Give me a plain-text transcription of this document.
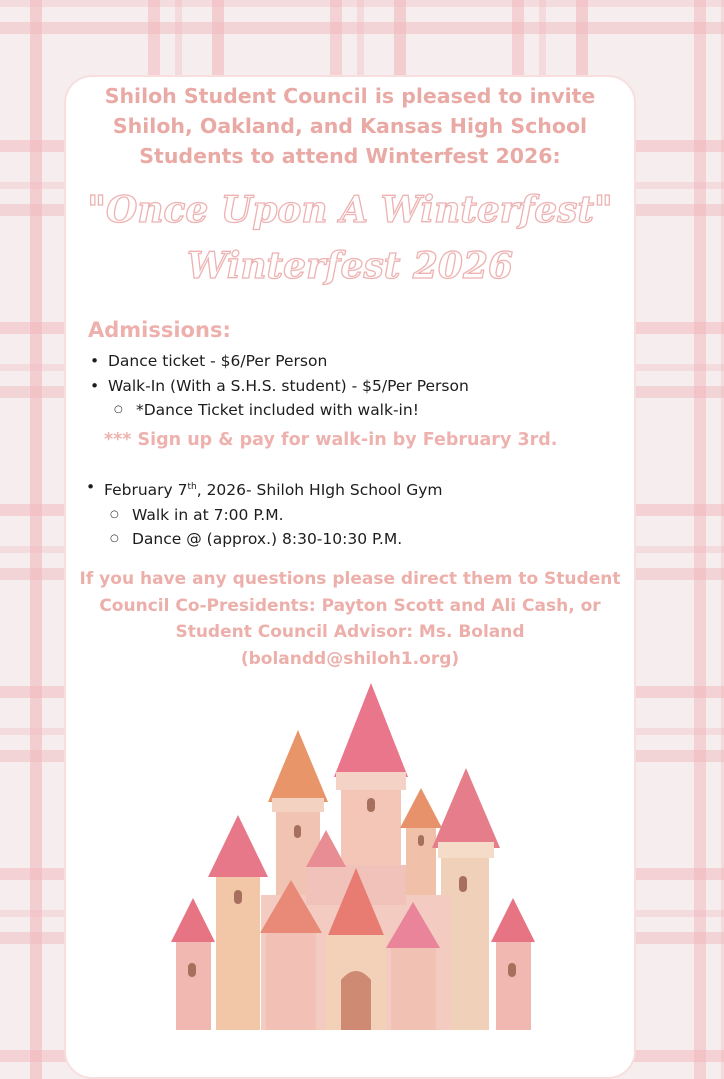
Shiloh Student Council is pleased to invite
Shiloh, Oakland, and Kansas High School
Students to attend Winterfest 2026:
"Once Upon A Winterfest"
Winterfest 2026
Admissions:
• Dance ticket - $6/Per Person
• Walk-In (With a S.H.S. student) - $5/Per Person
○ *Dance Ticket included with walk-in!
*** Sign up & pay for walk-in by February 3rd.
• February 7th, 2026- Shiloh HIgh School Gym
○ Walk in at 7:00 P.M.
○ Dance @ (approx.) 8:30-10:30 P.M.
If you have any questions please direct them to Student
Council Co-Presidents: Payton Scott and Ali Cash, or
Student Council Advisor: Ms. Boland
(bolandd@shiloh1.org)
